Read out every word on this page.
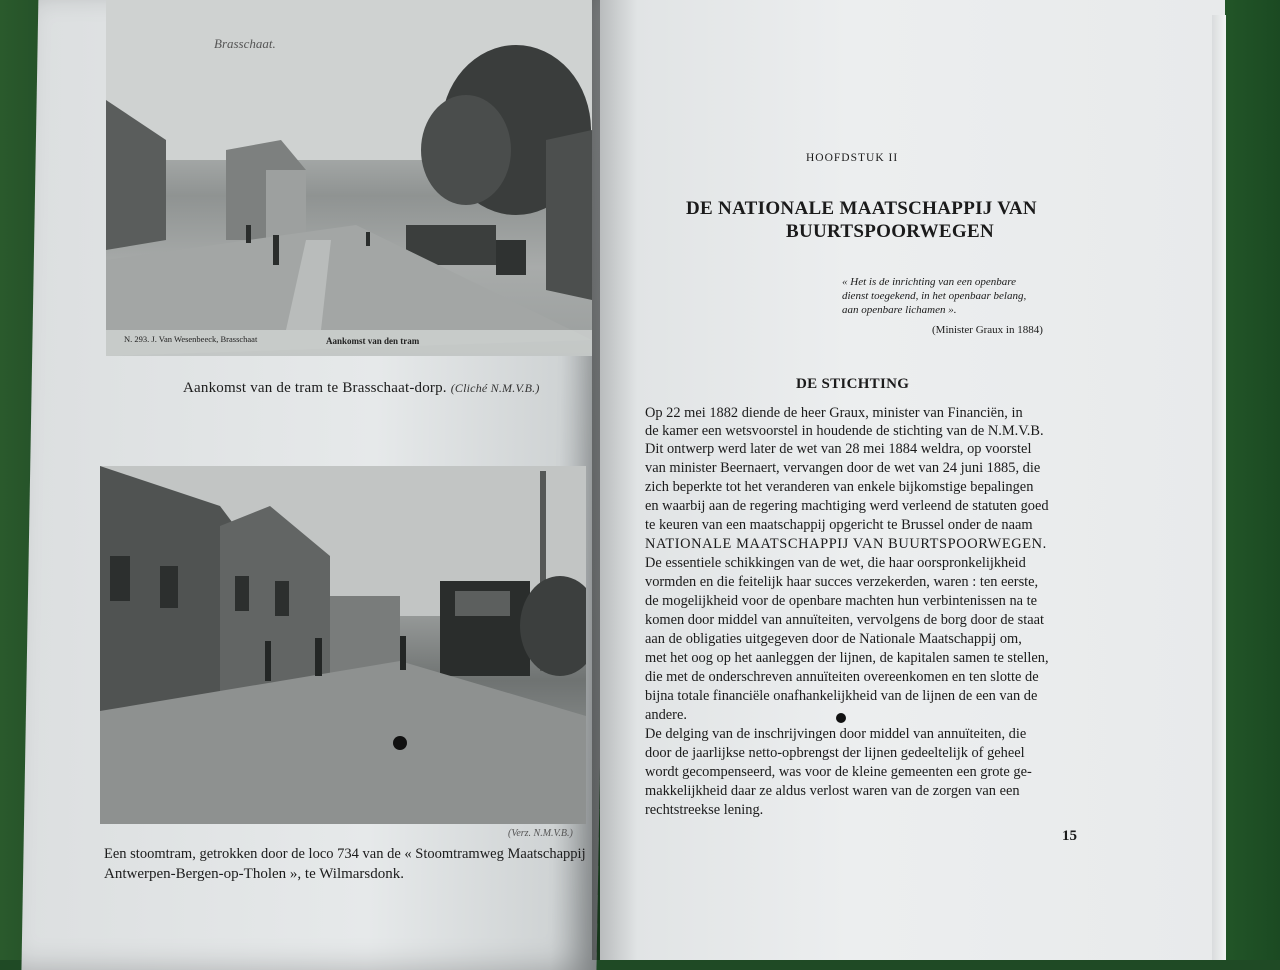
Brasschaat.
N. 293. J. Van Wesenbeeck, Brasschaat	Aankomst van den tram
Aankomst van de tram te Brasschaat-dorp. (Cliché N.M.V.B.)
Een stoomtram, getrokken door de loco 734 van de « Stoomtramweg Maatschappij
(Verz. N.M.V.B.)
Antwerpen-Bergen-op-Tholen », te Wilmarsdonk.
HOOFDSTUK II
DE NATIONALE MAATSCHAPPIJ VAN
BUURTSPOORWEGEN
« Het is de inrichting van een openbare
dienst toegekend, in het openbaar belang,
aan openbare lichamen ».
(Minister Graux in 1884)
DE STICHTING
Op 22 mei 1882 diende de heer Graux, minister van Financiën, in
de kamer een wetsvoorstel in houdende de stichting van de N.M.V.B.
Dit ontwerp werd later de wet van 28 mei 1884 weldra, op voorstel
van minister Beernaert, vervangen door de wet van 24 juni 1885, die
zich beperkte tot het veranderen van enkele bijkomstige bepalingen
en waarbij aan de regering machtiging werd verleend de statuten goed
te keuren van een maatschappij opgericht te Brussel onder de naam
NATIONALE MAATSCHAPPIJ VAN BUURTSPOORWEGEN.
De essentiele schikkingen van de wet, die haar oorspronkelijkheid
vormden en die feitelijk haar succes verzekerden, waren : ten eerste,
de mogelijkheid voor de openbare machten hun verbintenissen na te
komen door middel van annuïteiten, vervolgens de borg door de staat
aan de obligaties uitgegeven door de Nationale Maatschappij om,
met het oog op het aanleggen der lijnen, de kapitalen samen te stellen,
die met de onderschreven annuïteiten overeenkomen en ten slotte de
bijna totale financiële onafhankelijkheid van de lijnen de een van de
andere.
De delging van de inschrijvingen door middel van annuïteiten, die
door de jaarlijkse netto-opbrengst der lijnen gedeeltelijk of geheel
wordt gecompenseerd, was voor de kleine gemeenten een grote ge-
makkelijkheid daar ze aldus verlost waren van de zorgen van een
rechtstreekse lening.
15
